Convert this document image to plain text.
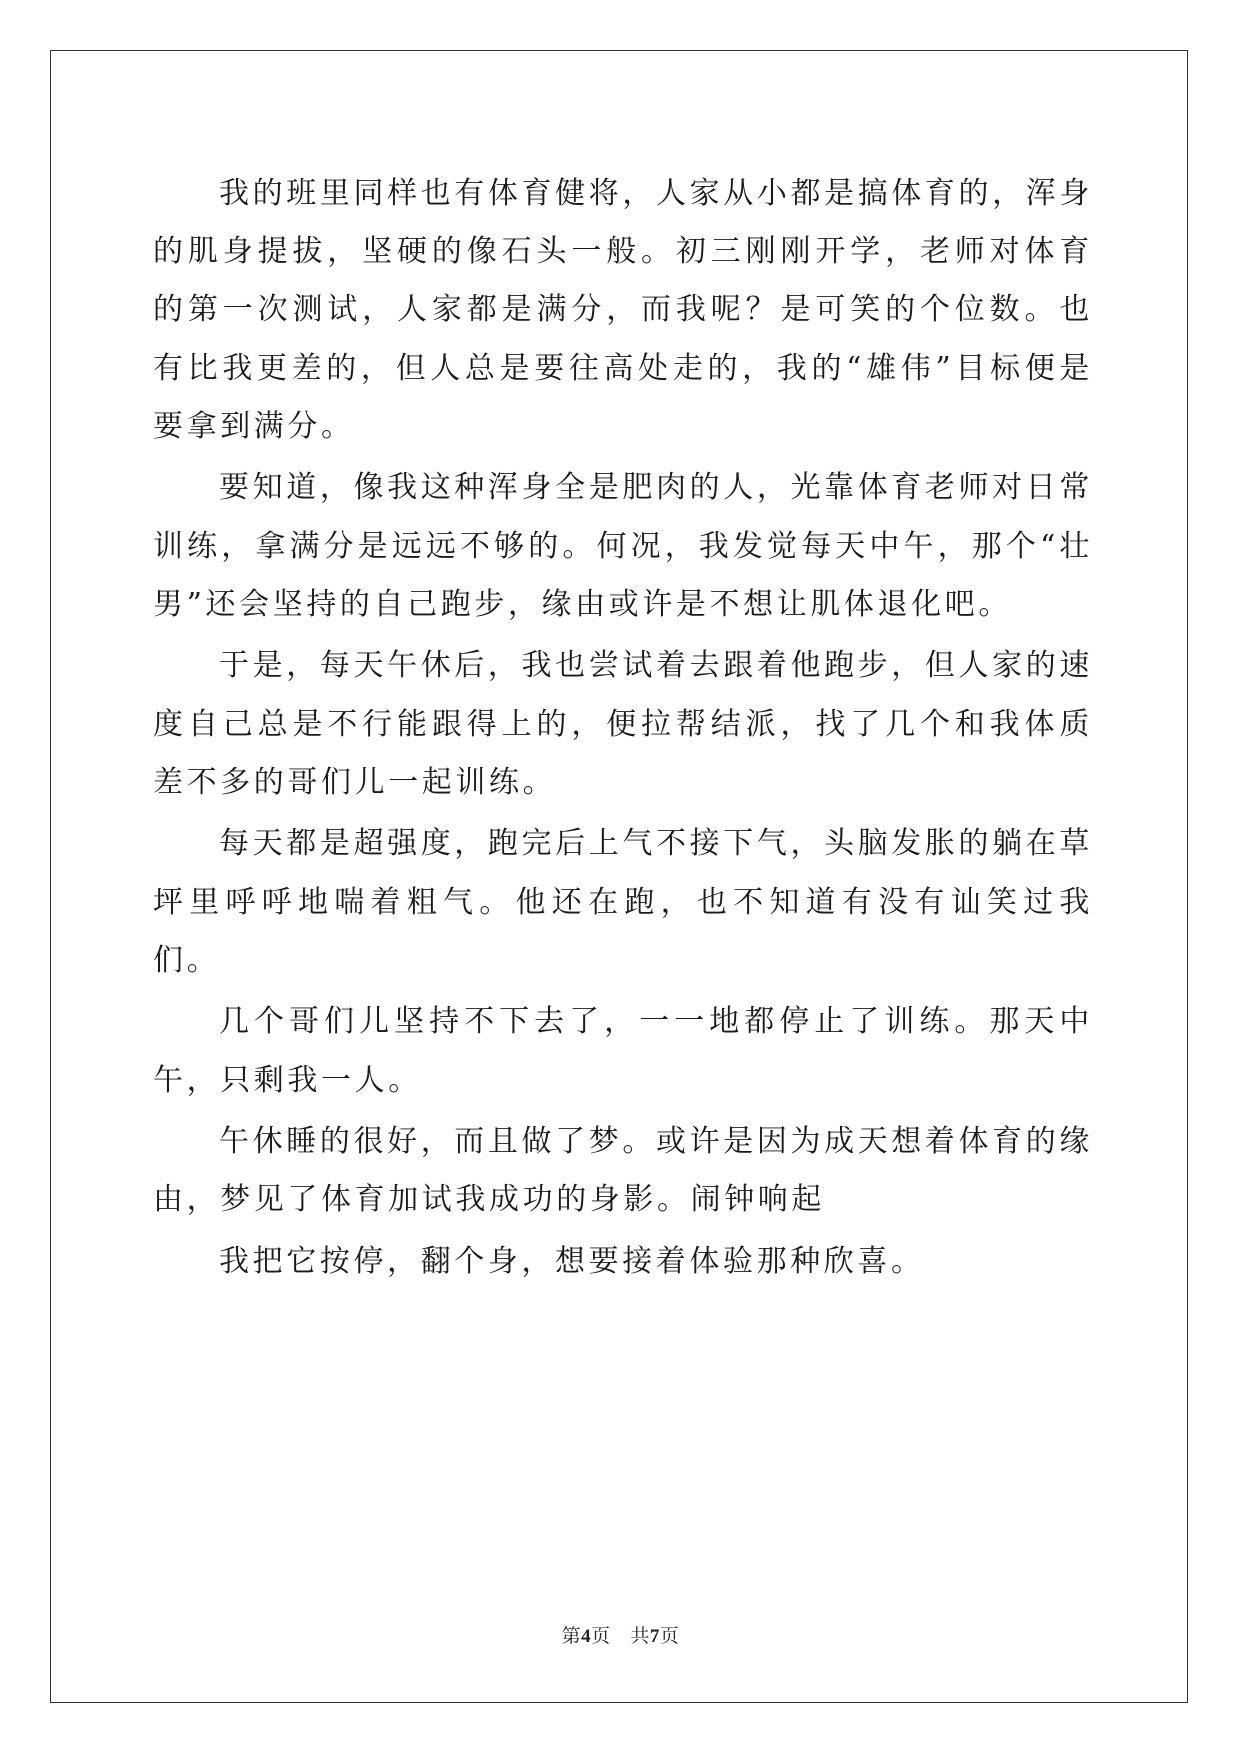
我的班里同样也有体育健将，人家从小都是搞体育的，浑身的肌身提拔，坚硬的像石头一般。初三刚刚开学，老师对体育的第一次测试，人家都是满分，而我呢？是可笑的个位数。也有比我更差的，但人总是要往高处走的，我的“雄伟”目标便是要拿到满分。

要知道，像我这种浑身全是肥肉的人，光靠体育老师对日常训练，拿满分是远远不够的。何况，我发觉每天中午，那个“壮男”还会坚持的自己跑步，缘由或许是不想让肌体退化吧。

于是，每天午休后，我也尝试着去跟着他跑步，但人家的速度自己总是不行能跟得上的，便拉帮结派，找了几个和我体质差不多的哥们儿一起训练。

每天都是超强度，跑完后上气不接下气，头脑发胀的躺在草坪里呼呼地喘着粗气。他还在跑，也不知道有没有讪笑过我们。

几个哥们儿坚持不下去了，一一地都停止了训练。那天中午，只剩我一人。

午休睡的很好，而且做了梦。或许是因为成天想着体育的缘由，梦见了体育加试我成功的身影。闹钟响起

我把它按停，翻个身，想要接着体验那种欣喜。

第4页 共7页
